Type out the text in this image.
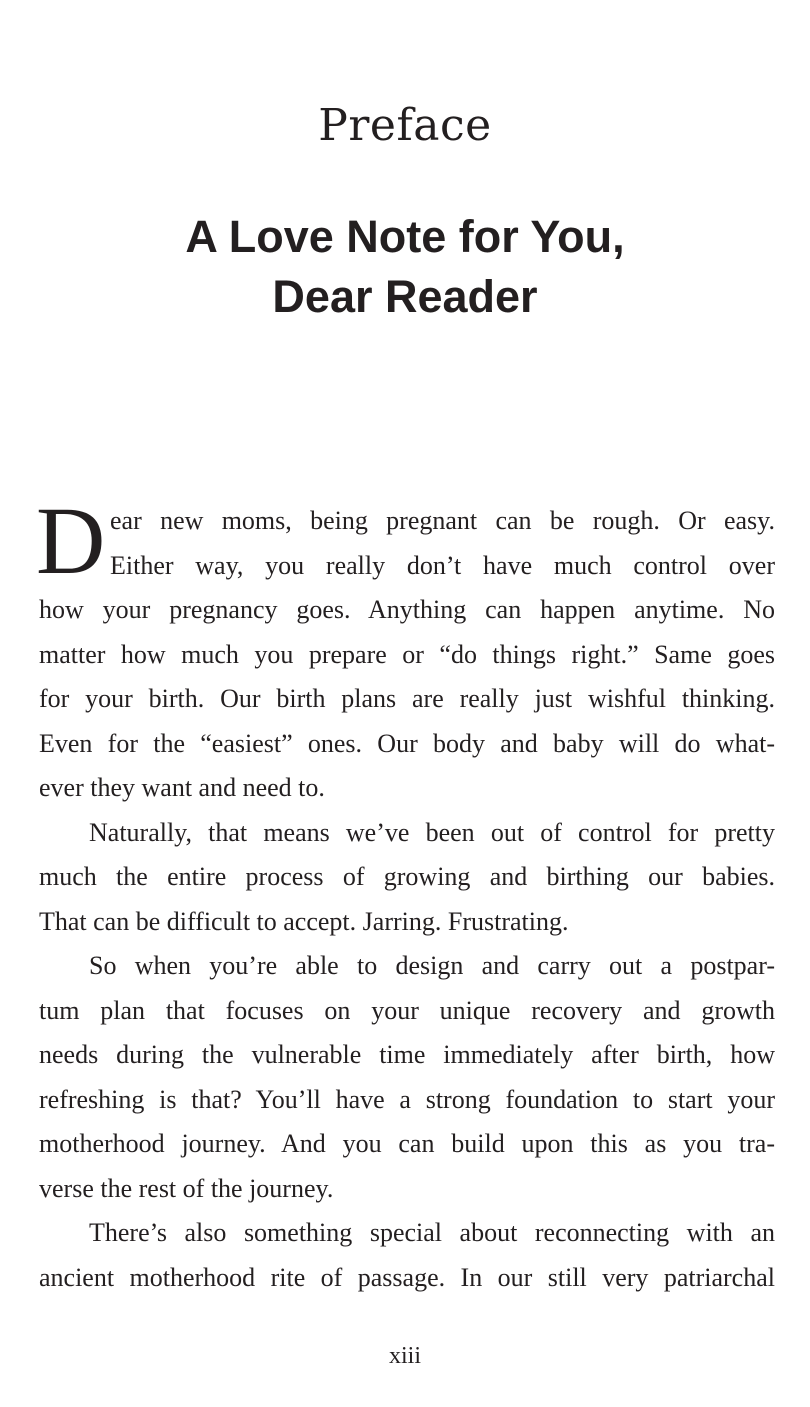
Preface
A Love Note for You,
Dear Reader
D ear new moms, being pregnant can be rough. Or easy.
Either way, you really don’t have much control over
how your pregnancy goes. Anything can happen anytime. No
matter how much you prepare or “do things right.” Same goes
for your birth. Our birth plans are really just wishful thinking.
Even for the “easiest” ones. Our body and baby will do what-
ever they want and need to.
Naturally, that means we’ve been out of control for pretty
much the entire process of growing and birthing our babies.
That can be difficult to accept. Jarring. Frustrating.
So when you’re able to design and carry out a postpar-
tum plan that focuses on your unique recovery and growth
needs during the vulnerable time immediately after birth, how
refreshing is that? You’ll have a strong foundation to start your
motherhood journey. And you can build upon this as you tra-
verse the rest of the journey.
There’s also something special about reconnecting with an
ancient motherhood rite of passage. In our still very patriarchal
xiii
